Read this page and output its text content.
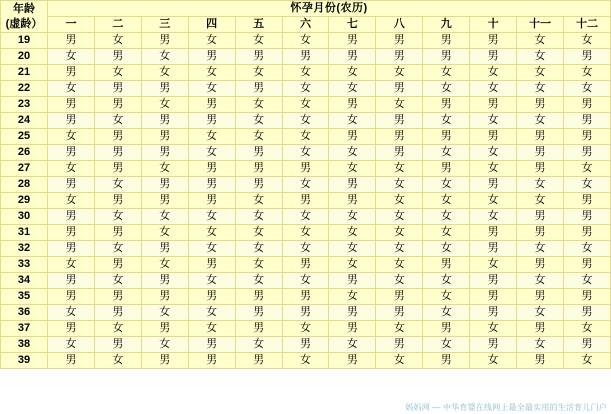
年龄
(虚龄）	怀孕月份(农历)											
	一	二	三	四	五	六	七	八	九	十	十一	十二
19	男	女	男	女	女	女	男	男	男	男	女	女
20	女	男	女	男	男	男	男	男	男	男	女	男
21	男	女	女	女	女	女	女	女	女	女	女	女
22	女	男	男	女	男	女	女	男	女	女	女	女
23	男	男	女	男	女	女	男	女	男	男	男	男
24	男	女	男	男	女	女	女	男	女	女	女	男
25	女	男	男	女	女	女	男	男	男	男	男	男
26	男	男	男	女	男	女	女	男	女	女	男	男
27	女	男	女	男	男	男	女	女	男	女	男	女
28	男	女	男	男	男	女	男	女	女	男	女	女
29	女	男	男	男	女	男	男	女	女	女	女	男
30	男	女	女	女	女	女	女	女	女	女	男	男
31	男	男	女	女	女	女	女	女	女	男	男	男
32	男	女	男	女	女	女	女	女	女	男	女	女
33	女	男	女	男	女	男	女	女	男	女	男	男
34	男	女	男	女	女	女	男	女	女	男	女	女
35	男	男	男	男	男	男	女	男	女	男	男	男
36	女	男	女	女	男	男	男	男	女	男	女	男
37	男	女	男	女	男	女	男	女	男	女	男	女
38	女	男	女	男	女	男	女	男	女	男	女	男
39	男	女	男	男	男	女	男	女	男	女	男	女
妈妈网 — 中华育婴在线网上最全最实用的生活育儿门户
